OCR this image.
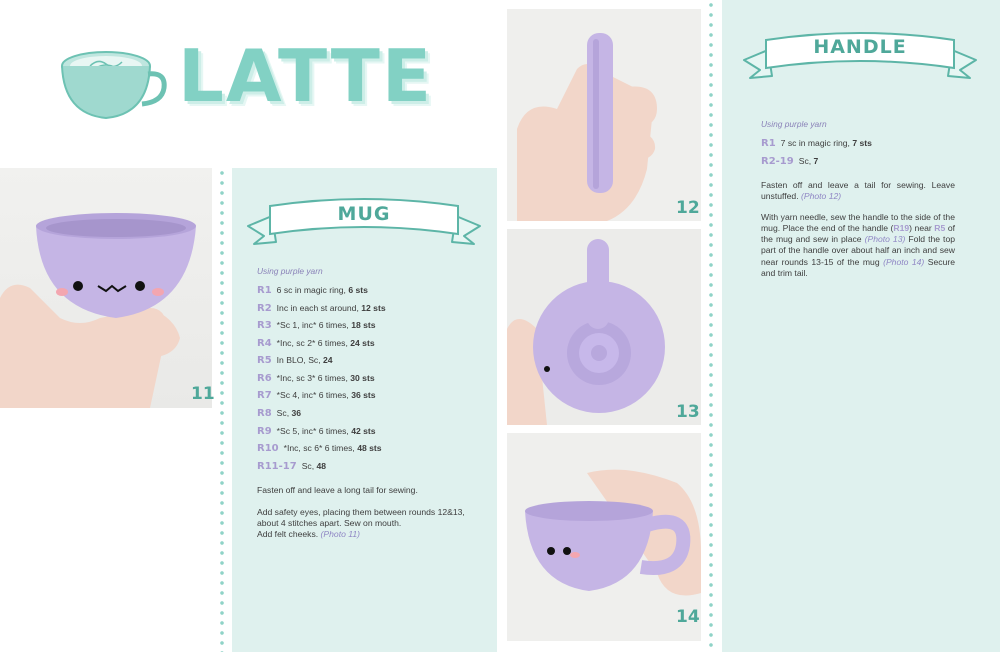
LATTE
11
12
13
14
MUG
Using purple yarn
R1 6 sc in magic ring, 6 sts
R2 Inc in each st around, 12 sts
R3 *Sc 1, inc* 6 times, 18 sts
R4 *Inc, sc 2* 6 times, 24 sts
R5 In BLO, Sc, 24
R6 *Inc, sc 3* 6 times, 30 sts
R7 *Sc 4, inc* 6 times, 36 sts
R8 Sc, 36
R9 *Sc 5, inc* 6 times, 42 sts
R10 *Inc, sc 6* 6 times, 48 sts
R11-17 Sc, 48
Fasten off and leave a long tail for sewing.
Add safety eyes, placing them between rounds 12&13, about 4 stitches apart. Sew on mouth.
Add felt cheeks. (Photo 11)
HANDLE
Using purple yarn
R1 7 sc in magic ring, 7 sts
R2-19 Sc, 7
Fasten off and leave a tail for sewing. Leave unstuffed. (Photo 12)
With yarn needle, sew the handle to the side of the mug. Place the end of the handle (R19) near R5 of the mug and sew in place (Photo 13) Fold the top part of the handle over about half an inch and sew near rounds 13-15 of the mug (Photo 14) Secure and trim tail.
